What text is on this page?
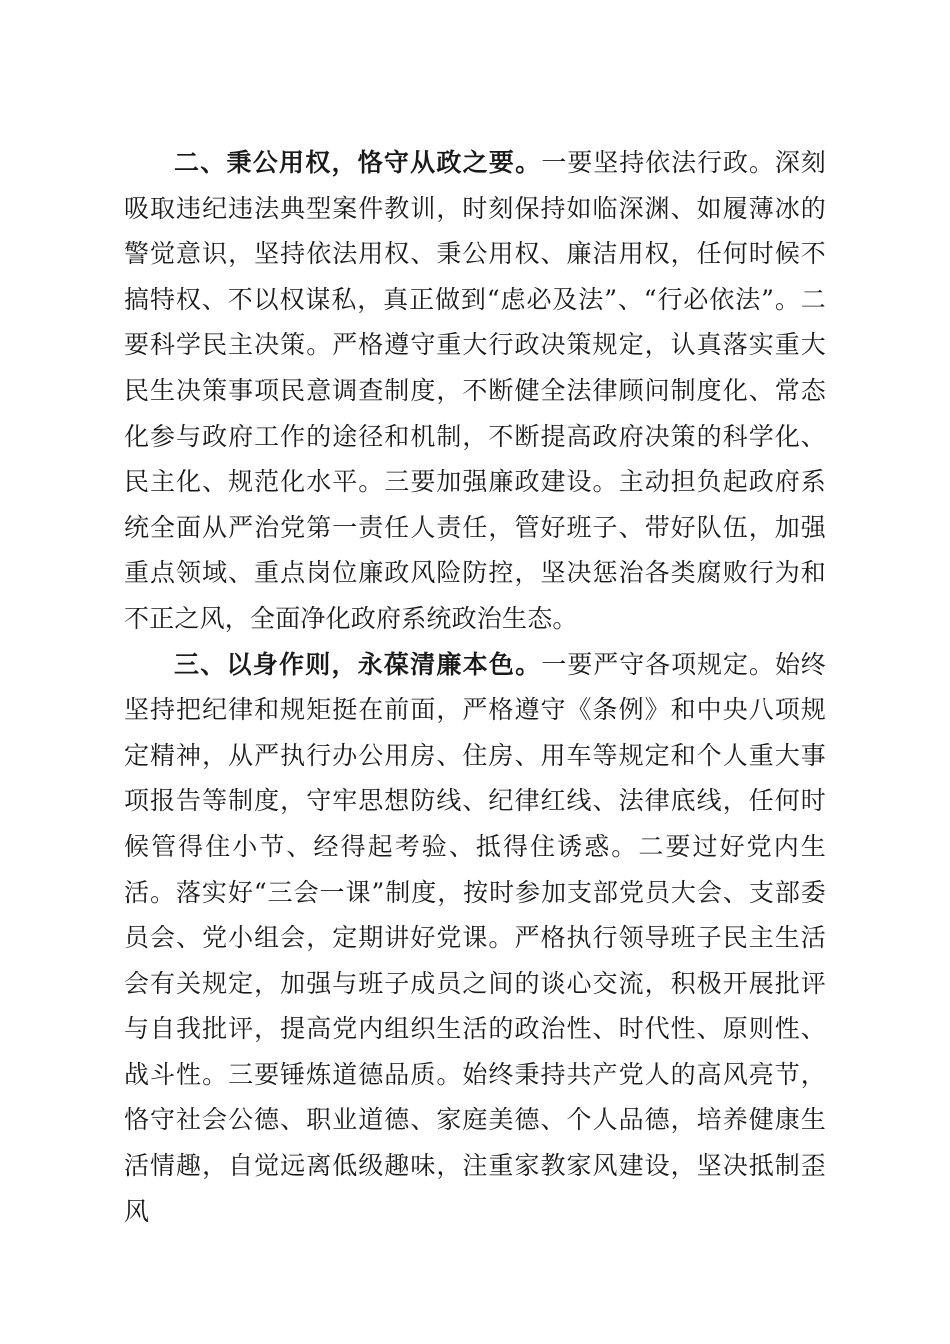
二、秉公用权，恪守从政之要。一要坚持依法行政。深刻吸取违纪违法典型案件教训，时刻保持如临深渊、如履薄冰的警觉意识，坚持依法用权、秉公用权、廉洁用权，任何时候不搞特权、不以权谋私，真正做到“虑必及法”、“行必依法”。二要科学民主决策。严格遵守重大行政决策规定，认真落实重大民生决策事项民意调查制度，不断健全法律顾问制度化、常态化参与政府工作的途径和机制，不断提高政府决策的科学化、民主化、规范化水平。三要加强廉政建设。主动担负起政府系统全面从严治党第一责任人责任，管好班子、带好队伍，加强重点领域、重点岗位廉政风险防控，坚决惩治各类腐败行为和不正之风，全面净化政府系统政治生态。

三、以身作则，永葆清廉本色。一要严守各项规定。始终坚持把纪律和规矩挺在前面，严格遵守《条例》和中央八项规定精神，从严执行办公用房、住房、用车等规定和个人重大事项报告等制度，守牢思想防线、纪律红线、法律底线，任何时候管得住小节、经得起考验、抵得住诱惑。二要过好党内生活。落实好“三会一课”制度，按时参加支部党员大会、支部委员会、党小组会，定期讲好党课。严格执行领导班子民主生活会有关规定，加强与班子成员之间的谈心交流，积极开展批评与自我批评，提高党内组织生活的政治性、时代性、原则性、战斗性。三要锤炼道德品质。始终秉持共产党人的高风亮节，恪守社会公德、职业道德、家庭美德、个人品德，培养健康生活情趣，自觉远离低级趣味，注重家教家风建设，坚决抵制歪风
